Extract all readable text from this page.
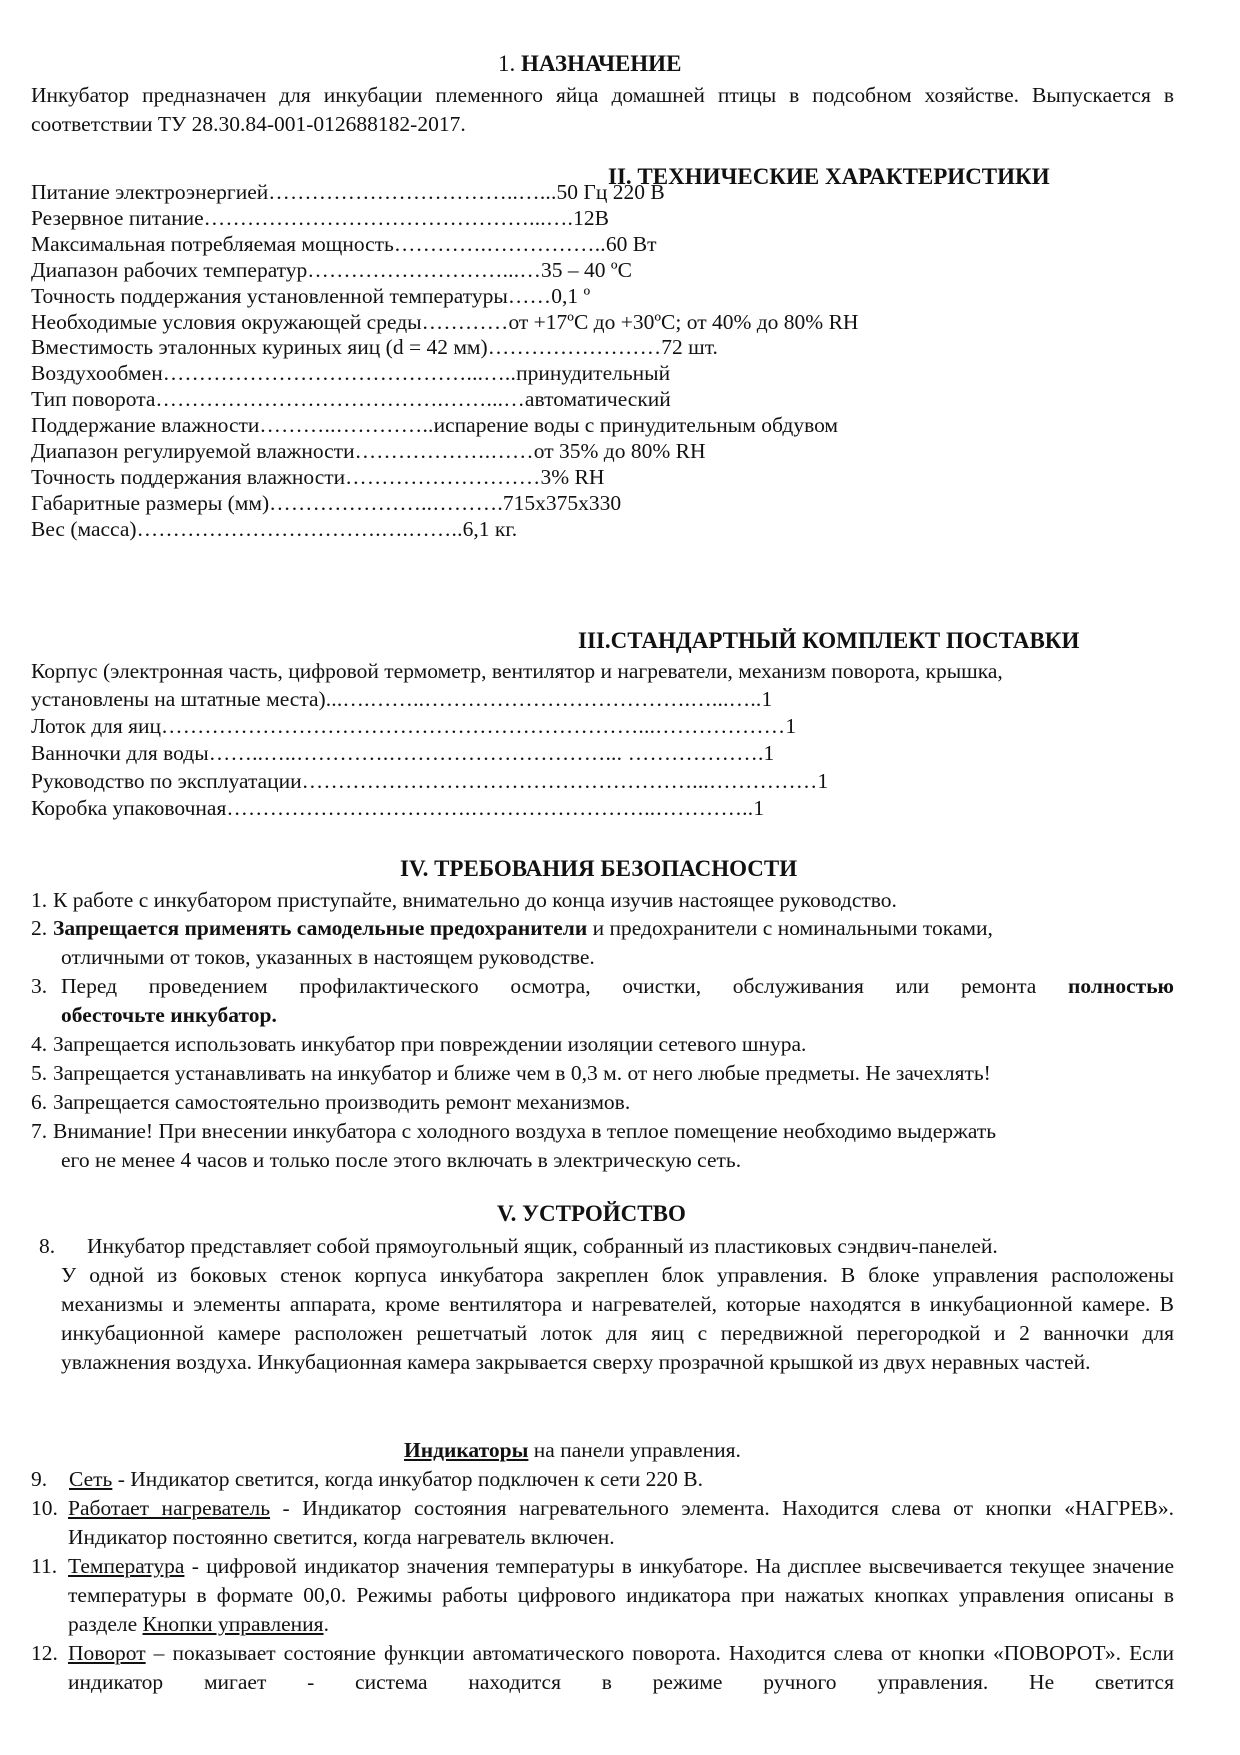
1. НАЗНАЧЕНИЕ
Инкубатор предназначен для инкубации племенного яйца домашней птицы в подсобном хозяйстве. Выпускается в соответствии ТУ 28.30.84-001-012688182-2017.
II. ТЕХНИЧЕСКИЕ ХАРАКТЕРИСТИКИ
Питание электроэнергией ……………………………..…... 50 Гц 220 В
Резервное питание ………………………………………...…. 12В
Максимальная потребляемая мощность ………….…………….. 60 Вт
Диапазон рабочих температур ………………………...… 35 – 40 ºC
Точность поддержания установленной температуры …… 0,1 º
Необходимые условия окружающей среды ………… от +17ºС до +30ºС; от 40% до 80% RH
Вместимость эталонных куриных яиц (d = 42 мм) …………………… 72 шт.
Воздухообмен ……………………………………...….. принудительный
Тип поворота ………………………………….……...… автоматический
Поддержание влажности ………..………….. испарение воды с принудительным обдувом
Диапазон регулируемой влажности ……………….…… от 35% до 80% RH
Точность поддержания влажности ……………………… 3% RH
Габаритные размеры (мм) …………………..………. 715х375х330
Вес (масса) …………………………….….…….. 6,1 кг.
III.СТАНДАРТНЫЙ КОМПЛЕКТ ПОСТАВКИ
Корпус (электронная часть, цифровой термометр, вентилятор и нагреватели, механизм поворота, крышка,
установлены на штатные места) ...….……..……………………………….…...….. 1
Лоток для яиц …………………………………………………………...……………… 1
Ванночки для воды ……..…..………….…………………………... ………………. 1
Руководство по эксплуатации ………………………………………………...…………… 1
Коробка упаковочная …………………………….……………………..………….. 1
IV. ТРЕБОВАНИЯ БЕЗОПАСНОСТИ
1. К работе с инкубатором приступайте, внимательно до конца изучив настоящее руководство.
2. Запрещается применять самодельные предохранители и предохранители с номинальными токами,
отличными от токов, указанных в настоящем руководстве.
3. Перед проведением профилактического осмотра, очистки, обслуживания или ремонта полностью
обесточьте инкубатор.
4. Запрещается использовать инкубатор при повреждении изоляции сетевого шнура.
5. Запрещается устанавливать на инкубатор и ближе чем в 0,3 м. от него любые предметы. Не зачехлять!
6. Запрещается самостоятельно производить ремонт механизмов.
7. Внимание! При внесении инкубатора с холодного воздуха в теплое помещение необходимо выдержать
его не менее 4 часов и только после этого включать в электрическую сеть.
V. УСТРОЙСТВО
8. Инкубатор представляет собой прямоугольный ящик, собранный из пластиковых сэндвич-панелей.
У одной из боковых стенок корпуса инкубатора закреплен блок управления. В блоке управления расположены механизмы и элементы аппарата, кроме вентилятора и нагревателей, которые находятся в инкубационной камере. В инкубационной камере расположен решетчатый лоток для яиц с передвижной перегородкой и 2 ванночки для увлажнения воздуха. Инкубационная камера закрывается сверху прозрачной крышкой из двух неравных частей.
Индикаторы на панели управления.
9. Сеть - Индикатор светится, когда инкубатор подключен к сети 220 В.
10. Работает нагреватель - Индикатор состояния нагревательного элемента. Находится слева от кнопки «НАГРЕВ». Индикатор постоянно светится, когда нагреватель включен.
11. Температура - цифровой индикатор значения температуры в инкубаторе. На дисплее высвечивается текущее значение температуры в формате 00,0. Режимы работы цифрового индикатора при нажатых кнопках управления описаны в разделе Кнопки управления.
12. Поворот – показывает состояние функции автоматического поворота. Находится слева от кнопки «ПОВОРОТ». Если индикатор мигает - система находится в режиме ручного управления. Не светится
